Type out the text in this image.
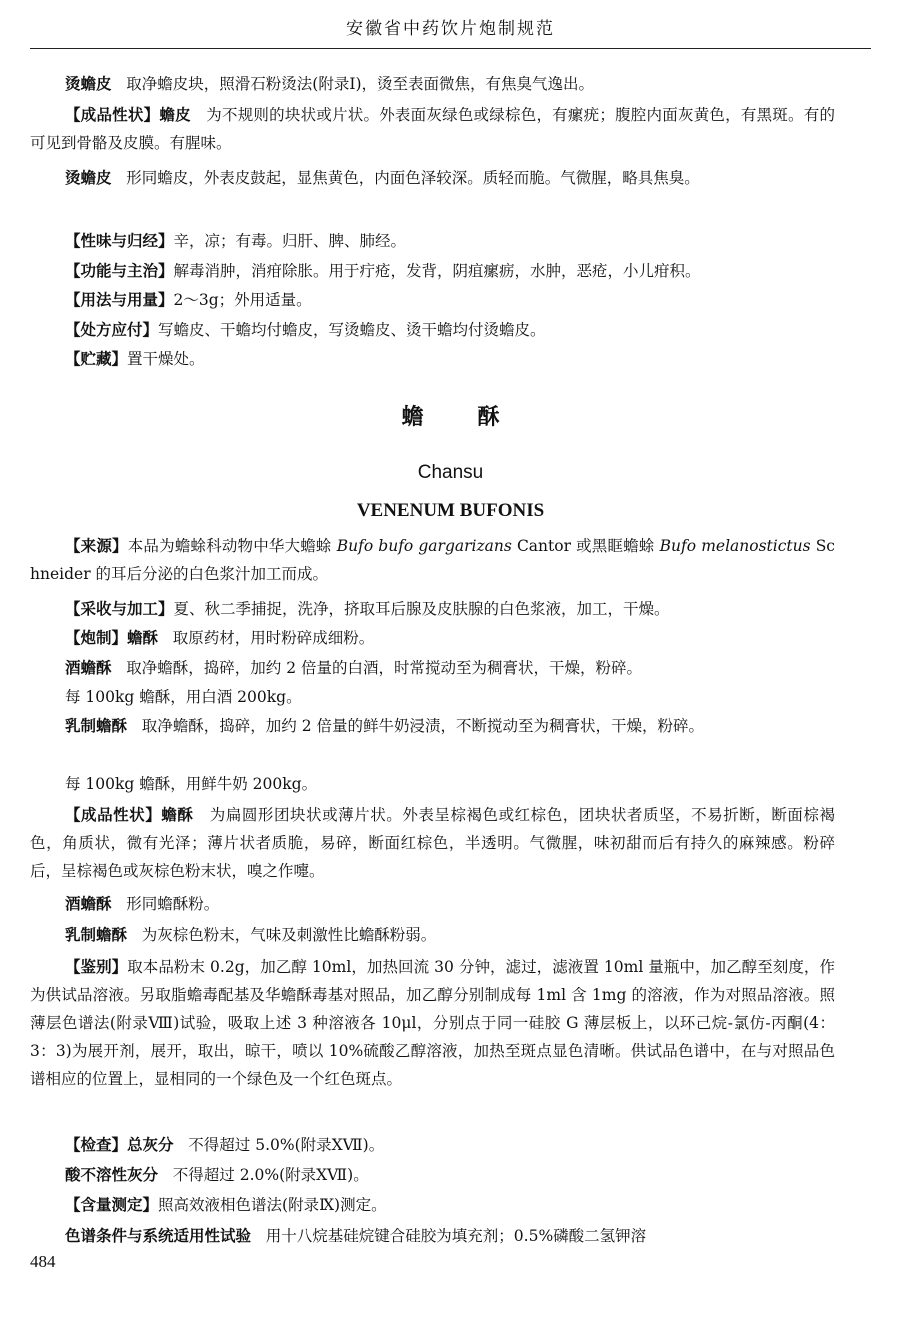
安徽省中药饮片炮制规范
烫蟾皮 取净蟾皮块，照滑石粉烫法(附录Ⅰ)，烫至表面微焦，有焦臭气逸出。
【成品性状】蟾皮 为不规则的块状或片状。外表面灰绿色或绿棕色，有瘰疣；腹腔内面灰黄色，有黑斑。有的可见到骨骼及皮膜。有腥味。
烫蟾皮 形同蟾皮，外表皮鼓起，显焦黄色，内面色泽较深。质轻而脆。气微腥，略具焦臭。
【性味与归经】辛，凉；有毒。归肝、脾、肺经。
【功能与主治】解毒消肿，消疳除胀。用于疔疮，发背，阴疽瘰疬，水肿，恶疮，小儿疳积。
【用法与用量】2～3g；外用适量。
【处方应付】写蟾皮、干蟾均付蟾皮，写烫蟾皮、烫干蟾均付烫蟾皮。
【贮藏】置干燥处。
蟾酥
Chansu
VENENUM BUFONIS
【来源】本品为蟾蜍科动物中华大蟾蜍 Bufo bufo gargarizans Cantor 或黑眶蟾蜍 Bufo melanostictus Schneider 的耳后分泌的白色浆汁加工而成。
【采收与加工】夏、秋二季捕捉，洗净，挤取耳后腺及皮肤腺的白色浆液，加工，干燥。
【炮制】蟾酥 取原药材，用时粉碎成细粉。
酒蟾酥 取净蟾酥，捣碎，加约 2 倍量的白酒，时常搅动至为稠膏状，干燥，粉碎。
每 100kg 蟾酥，用白酒 200kg。
乳制蟾酥 取净蟾酥，捣碎，加约 2 倍量的鲜牛奶浸渍，不断搅动至为稠膏状，干燥，粉碎。
每 100kg 蟾酥，用鲜牛奶 200kg。
【成品性状】蟾酥 为扁圆形团块状或薄片状。外表呈棕褐色或红棕色，团块状者质坚，不易折断，断面棕褐色，角质状，微有光泽；薄片状者质脆，易碎，断面红棕色，半透明。气微腥，味初甜而后有持久的麻辣感。粉碎后，呈棕褐色或灰棕色粉末状，嗅之作嚏。
酒蟾酥 形同蟾酥粉。
乳制蟾酥 为灰棕色粉末，气味及刺激性比蟾酥粉弱。
【鉴别】取本品粉末 0.2g，加乙醇 10ml，加热回流 30 分钟，滤过，滤液置 10ml 量瓶中，加乙醇至刻度，作为供试品溶液。另取脂蟾毒配基及华蟾酥毒基对照品，加乙醇分别制成每 1ml 含 1mg 的溶液，作为对照品溶液。照薄层色谱法(附录Ⅷ)试验，吸取上述 3 种溶液各 10μl，分别点于同一硅胶 G 薄层板上，以环己烷-氯仿-丙酮(4：3：3)为展开剂，展开，取出，晾干，喷以 10%硫酸乙醇溶液，加热至斑点显色清晰。供试品色谱中，在与对照品色谱相应的位置上，显相同的一个绿色及一个红色斑点。
【检查】总灰分 不得超过 5.0%(附录ⅩⅦ)。
酸不溶性灰分 不得超过 2.0%(附录ⅩⅦ)。
【含量测定】照高效液相色谱法(附录Ⅸ)测定。
色谱条件与系统适用性试验 用十八烷基硅烷键合硅胶为填充剂；0.5%磷酸二氢钾溶
484
